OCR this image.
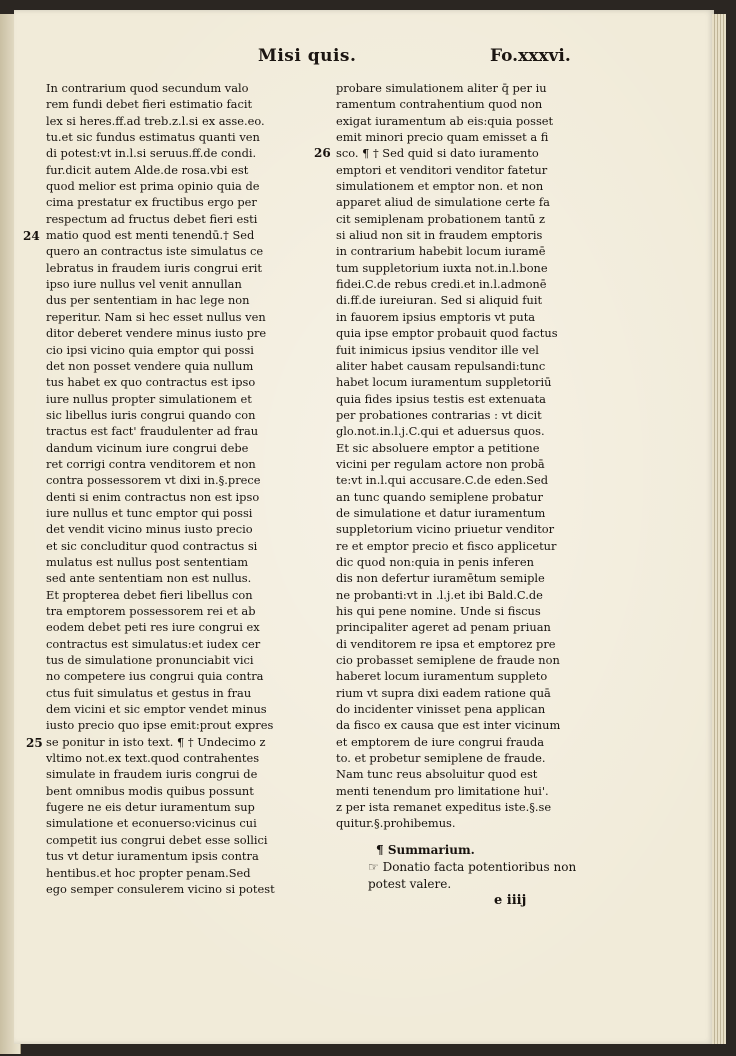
Misi quis.	Fo.xxxvi.
24
25
26
In contrarium quod secundum valo
rem fundi debet fieri estimatio facit
lex si heres.ff.ad treb.z.l.si ex asse.eo.
tu.et sic fundus estimatus quanti ven
di potest:vt in.l.si seruus.ff.de condi.
fur.dicit autem Alde.de rosa.vbi est
quod melior est prima opinio quia de
cima prestatur ex fructibus ergo per
respectum ad fructus debet fieri esti
matio quod est menti tenendū.† Sed
quero an contractus iste simulatus ce
lebratus in fraudem iuris congrui erit
ipso iure nullus vel venit annullan
dus per sententiam in hac lege non
reperitur. Nam si hec esset nullus ven
ditor deberet vendere minus iusto pre
cio ipsi vicino quia emptor qui possi
det non posset vendere quia nullum
tus habet ex quo contractus est ipso
iure nullus propter simulationem et
sic libellus iuris congrui quando con
tractus est fact' fraudulenter ad frau
dandum vicinum iure congrui debe
ret corrigi contra venditorem et non
contra possessorem vt dixi in.§.prece
denti si enim contractus non est ipso
iure nullus et tunc emptor qui possi
det vendit vicino minus iusto precio
et sic concluditur quod contractus si
mulatus est nullus post sententiam
sed ante sententiam non est nullus.
Et propterea debet fieri libellus con
tra emptorem possessorem rei et ab
eodem debet peti res iure congrui ex
contractus est simulatus:et iudex cer
tus de simulatione pronunciabit vici
no competere ius congrui quia contra
ctus fuit simulatus et gestus in frau
dem vicini et sic emptor vendet minus
iusto precio quo ipse emit:prout expres
se ponitur in isto text. ¶ † Undecimo z
vltimo not.ex text.quod contrahentes
simulate in fraudem iuris congrui de
bent omnibus modis quibus possunt
fugere ne eis detur iuramentum sup
simulatione et econuerso:vicinus cui
competit ius congrui debet esse sollici
tus vt detur iuramentum ipsis contra
hentibus.et hoc propter penam.Sed
ego semper consulerem vicino si potest
probare simulationem aliter q̄ per iu
ramentum contrahentium quod non
exigat iuramentum ab eis:quia posset
emit minori precio quam emisset a fi
sco. ¶ † Sed quid si dato iuramento
emptori et venditori venditor fatetur
simulationem et emptor non. et non
apparet aliud de simulatione certe fa
cit semiplenam probationem tantū z
si aliud non sit in fraudem emptoris
in contrarium habebit locum iuramē
tum suppletorium iuxta not.in.l.bone
fidei.C.de rebus credi.et in.l.admonē
di.ff.de iureiuran. Sed si aliquid fuit
in fauorem ipsius emptoris vt puta
quia ipse emptor probauit quod factus
fuit inimicus ipsius venditor ille vel
aliter habet causam repulsandi:tunc
habet locum iuramentum suppletoriū
quia fides ipsius testis est extenuata
per probationes contrarias : vt dicit
glo.not.in.l.j.C.qui et aduersus quos.
Et sic absoluere emptor a petitione
vicini per regulam actore non probā
te:vt in.l.qui accusare.C.de eden.Sed
an tunc quando semiplene probatur
de simulatione et datur iuramentum
suppletorium vicino priuetur venditor
re et emptor precio et fisco applicetur
dic quod non:quia in penis inferen
dis non defertur iuramētum semiple
ne probanti:vt in .l.j.et ibi Bald.C.de
his qui pene nomine. Unde si fiscus
principaliter ageret ad penam priuan
di venditorem re ipsa et emptorez pre
cio probasset semiplene de fraude non
haberet locum iuramentum suppleto
rium vt supra dixi eadem ratione quā
do incidenter vinisset pena applican
da fisco ex causa que est inter vicinum
et emptorem de iure congrui frauda
to. et probetur semiplene de fraude.
Nam tunc reus absoluitur quod est
menti tenendum pro limitatione hui'.
z per ista remanet expeditus iste.§.se
quitur.§.prohibemus.
¶ Summarium.
☞ Donatio facta potentioribus non
potest valere.
e iiij
